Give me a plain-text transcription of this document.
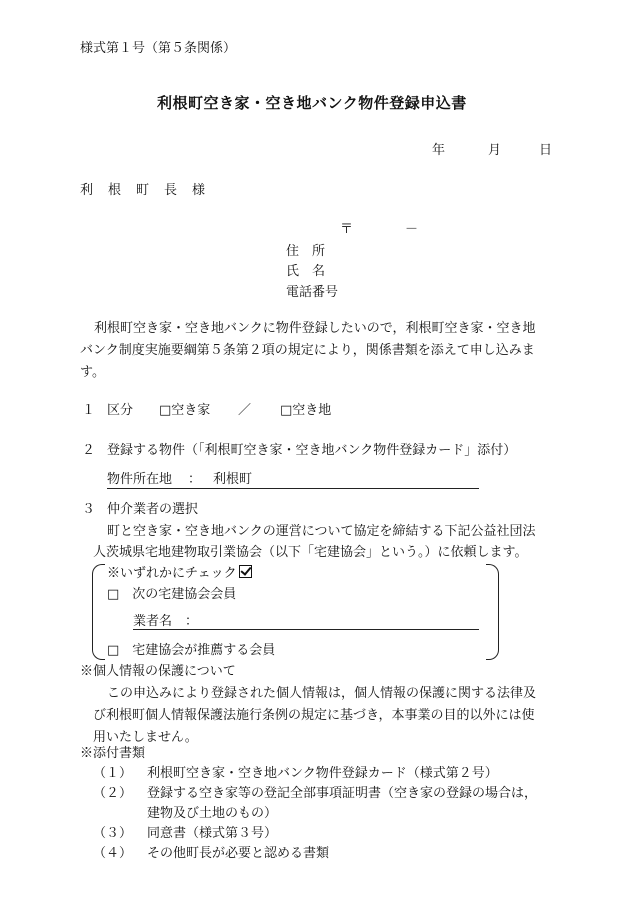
様式第１号（第５条関係）
利根町空き家・空き地バンク物件登録申込書
年	月	日
利根町長様
〒	－
住　所
氏　名
電話番号
利根町空き家・空き地バンクに物件登録したいので，利根町空き家・空き地
バンク制度実施要綱第５条第２項の規定により，関係書類を添えて申し込みま
す。
１ 区分 □空き家 ／ □空き地
２ 登録する物件（「利根町空き家・空き地バンク物件登録カード」添付）
物件所在地 ： 利根町
３ 仲介業者の選択
町と空き家・空き地バンクの運営について協定を締結する下記公益社団法
人茨城県宅地建物取引業協会（以下「宅建協会」という。）に依頼します。
※いずれかにチェック
□　次の宅建協会会員
業者名　：
□　宅建協会が推薦する会員
※個人情報の保護について
この申込みにより登録された個人情報は，個人情報の保護に関する法律及
び利根町個人情報保護法施行条例の規定に基づき，本事業の目的以外には使
用いたしません。
※添付書類
（１） 利根町空き家・空き地バンク物件登録カード（様式第２号）
（２） 登録する空き家等の登記全部事項証明書（空き家の登録の場合は，
建物及び土地のもの）
（３） 同意書（様式第３号）
（４） その他町長が必要と認める書類
